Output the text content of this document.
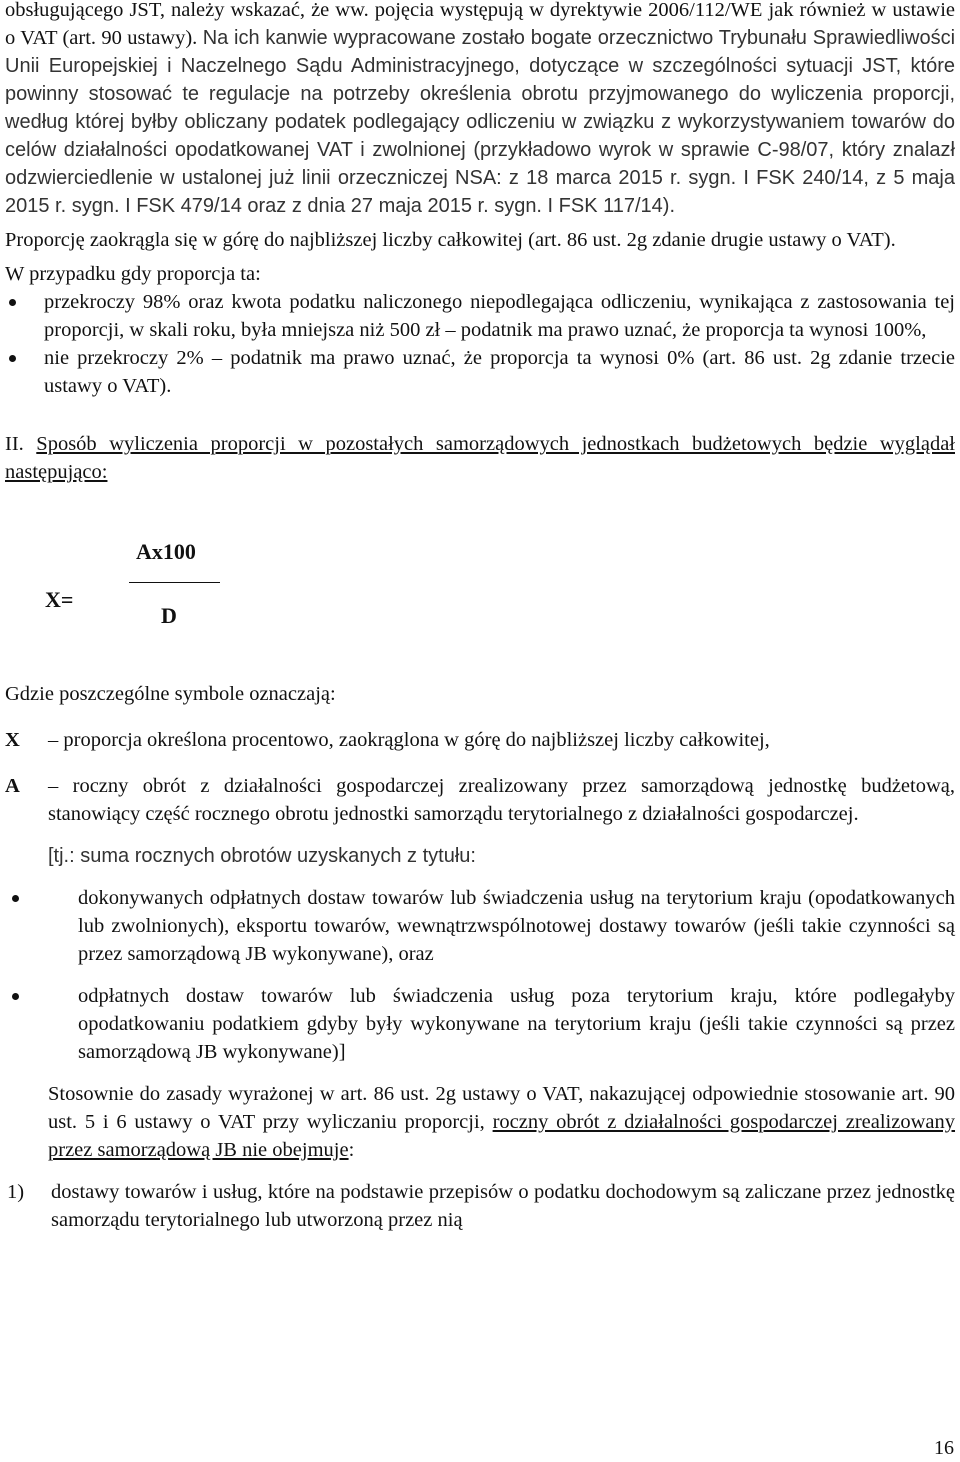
obsługującego JST, należy wskazać, że ww. pojęcia występują w dyrektywie 2006/112/WE jak również w ustawie o VAT (art. 90 ustawy). Na ich kanwie wypracowane zostało bogate orzecznictwo Trybunału Sprawiedliwości Unii Europejskiej i Naczelnego Sądu Administracyjnego, dotyczące w szczególności sytuacji JST, które powinny stosować te regulacje na potrzeby określenia obrotu przyjmowanego do wyliczenia proporcji, według której byłby obliczany podatek podlegający odliczeniu w związku z wykorzystywaniem towarów do celów działalności opodatkowanej VAT i zwolnionej (przykładowo wyrok w sprawie C-98/07, który znalazł odzwierciedlenie w ustalonej już linii orzeczniczej NSA: z 18 marca 2015 r. sygn. I FSK 240/14, z 5 maja 2015 r. sygn. I FSK 479/14 oraz z dnia 27 maja 2015 r. sygn. I FSK 117/14).

Proporcję zaokrągla się w górę do najbliższej liczby całkowitej (art. 86 ust. 2g zdanie drugie ustawy o VAT).

W przypadku gdy proporcja ta:

przekroczy 98% oraz kwota podatku naliczonego niepodlegająca odliczeniu, wynikająca z zastosowania tej proporcji, w skali roku, była mniejsza niż 500 zł – podatnik ma prawo uznać, że proporcja ta wynosi 100%,
nie przekroczy 2% – podatnik ma prawo uznać, że proporcja ta wynosi 0% (art. 86 ust. 2g zdanie trzecie ustawy o VAT).

II. Sposób wyliczenia proporcji w pozostałych samorządowych jednostkach budżetowych będzie wyglądał następująco:

X=
Ax100
D

Gdzie poszczególne symbole oznaczają:

X	– proporcja określona procentowo, zaokrąglona w górę do najbliższej liczby całkowitej,
A	– roczny obrót z działalności gospodarczej zrealizowany przez samorządową jednostkę budżetową, stanowiący część rocznego obrotu jednostki samorządu terytorialnego z działalności gospodarczej.

[tj.: suma rocznych obrotów uzyskanych z tytułu:

dokonywanych odpłatnych dostaw towarów lub świadczenia usług na terytorium kraju (opodatkowanych lub zwolnionych), eksportu towarów, wewnątrzwspólnotowej dostawy towarów (jeśli takie czynności są przez samorządową JB wykonywane), oraz
odpłatnych dostaw towarów lub świadczenia usług poza terytorium kraju, które podlegałyby opodatkowaniu podatkiem gdyby były wykonywane na terytorium kraju (jeśli takie czynności są przez samorządową JB wykonywane)]

Stosownie do zasady wyrażonej w art. 86 ust. 2g ustawy o VAT, nakazującej odpowiednie stosowanie art. 90 ust. 5 i 6 ustawy o VAT przy wyliczaniu proporcji, roczny obrót z działalności gospodarczej zrealizowany przez samorządową JB nie obejmuje:

1)	dostawy towarów i usług, które na podstawie przepisów o podatku dochodowym są zaliczane przez jednostkę samorządu terytorialnego lub utworzoną przez nią
16
